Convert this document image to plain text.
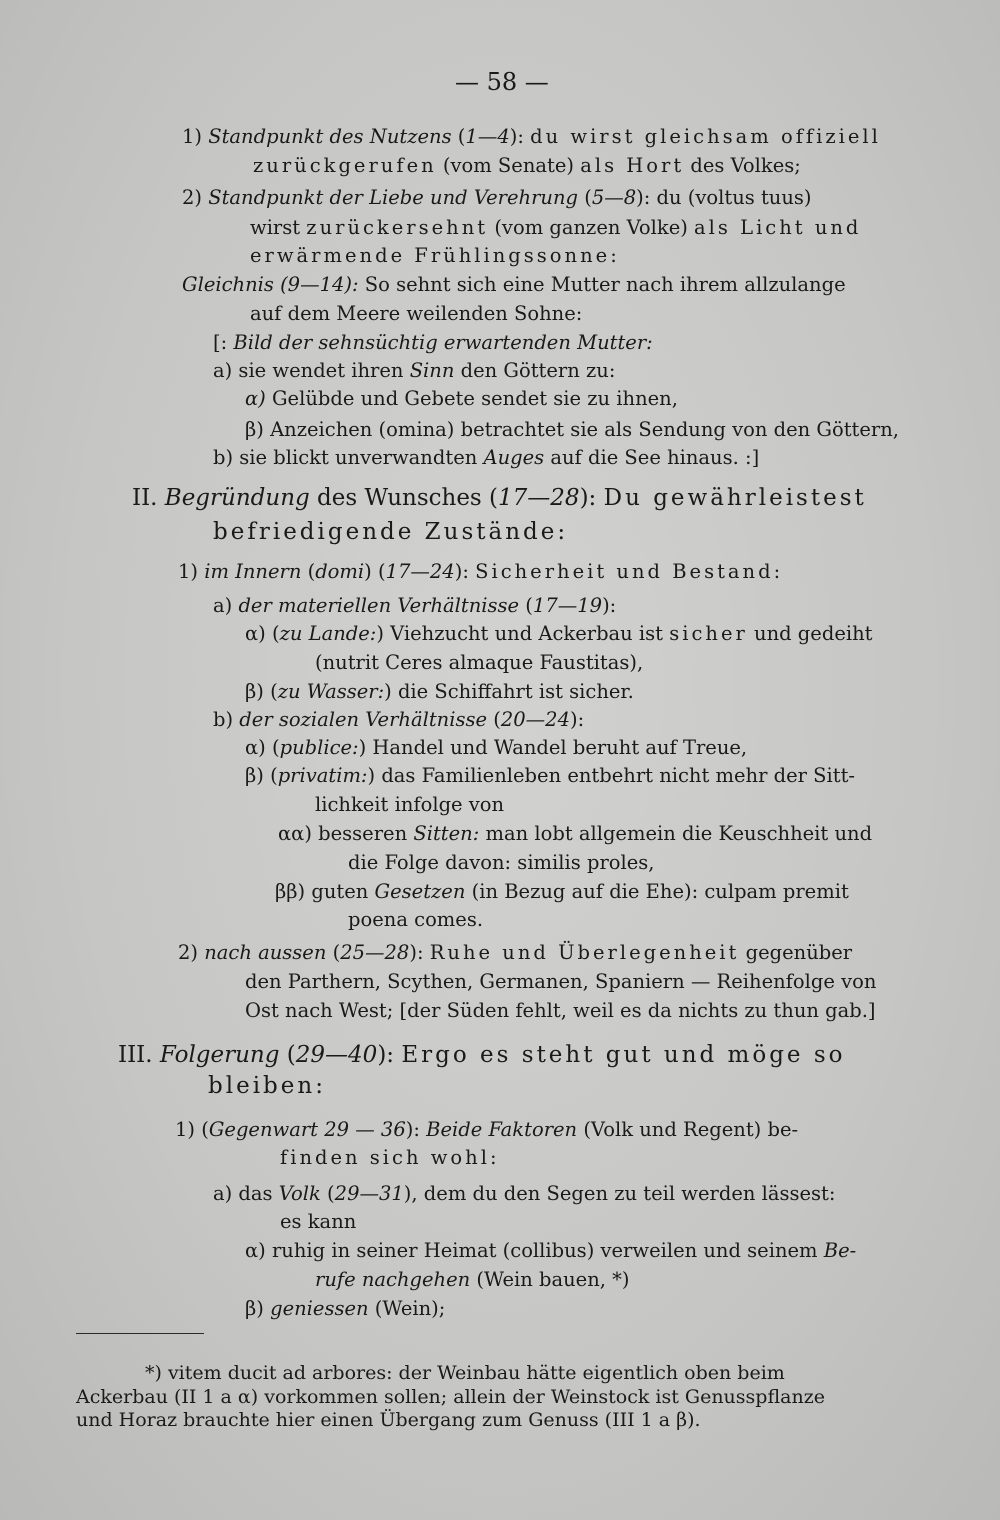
— 58 —
1) Standpunkt des Nutzens (1—4): du wirst gleichsam offiziell
zurückgerufen (vom Senate) als Hort des Volkes;
2) Standpunkt der Liebe und Verehrung (5—8): du (voltus tuus)
wirst zurückersehnt (vom ganzen Volke) als Licht und
erwärmende Frühlingssonne:
Gleichnis (9—14): So sehnt sich eine Mutter nach ihrem allzulange
auf dem Meere weilenden Sohne:
[: Bild der sehnsüchtig erwartenden Mutter:
a) sie wendet ihren Sinn den Göttern zu:
α) Gelübde und Gebete sendet sie zu ihnen,
β) Anzeichen (omina) betrachtet sie als Sendung von den Göttern,
b) sie blickt unverwandten Auges auf die See hinaus. :]
II. Begründung des Wunsches (17—28): Du gewährleistest
befriedigende Zustände:
1) im Innern (domi) (17—24): Sicherheit und Bestand:
a) der materiellen Verhältnisse (17—19):
α) (zu Lande:) Viehzucht und Ackerbau ist sicher und gedeiht
(nutrit Ceres almaque Faustitas),
β) (zu Wasser:) die Schiffahrt ist sicher.
b) der sozialen Verhältnisse (20—24):
α) (publice:) Handel und Wandel beruht auf Treue,
β) (privatim:) das Familienleben entbehrt nicht mehr der Sitt-
lichkeit infolge von
αα) besseren Sitten: man lobt allgemein die Keuschheit und
die Folge davon: similis proles,
ββ) guten Gesetzen (in Bezug auf die Ehe): culpam premit
poena comes.
2) nach aussen (25—28): Ruhe und Überlegenheit gegenüber
den Parthern, Scythen, Germanen, Spaniern — Reihenfolge von
Ost nach West; [der Süden fehlt, weil es da nichts zu thun gab.]
III. Folgerung (29—40): Ergo es steht gut und möge so
bleiben:
1) (Gegenwart 29 — 36): Beide Faktoren (Volk und Regent) be-
finden sich wohl:
a) das Volk (29—31), dem du den Segen zu teil werden lässest:
es kann
α) ruhig in seiner Heimat (collibus) verweilen und seinem Be-
rufe nachgehen (Wein bauen, *)
β) geniessen (Wein);
*) vitem ducit ad arbores: der Weinbau hätte eigentlich oben beim
Ackerbau (II 1 a α) vorkommen sollen; allein der Weinstock ist Genusspflanze
und Horaz brauchte hier einen Übergang zum Genuss (III 1 a β).
